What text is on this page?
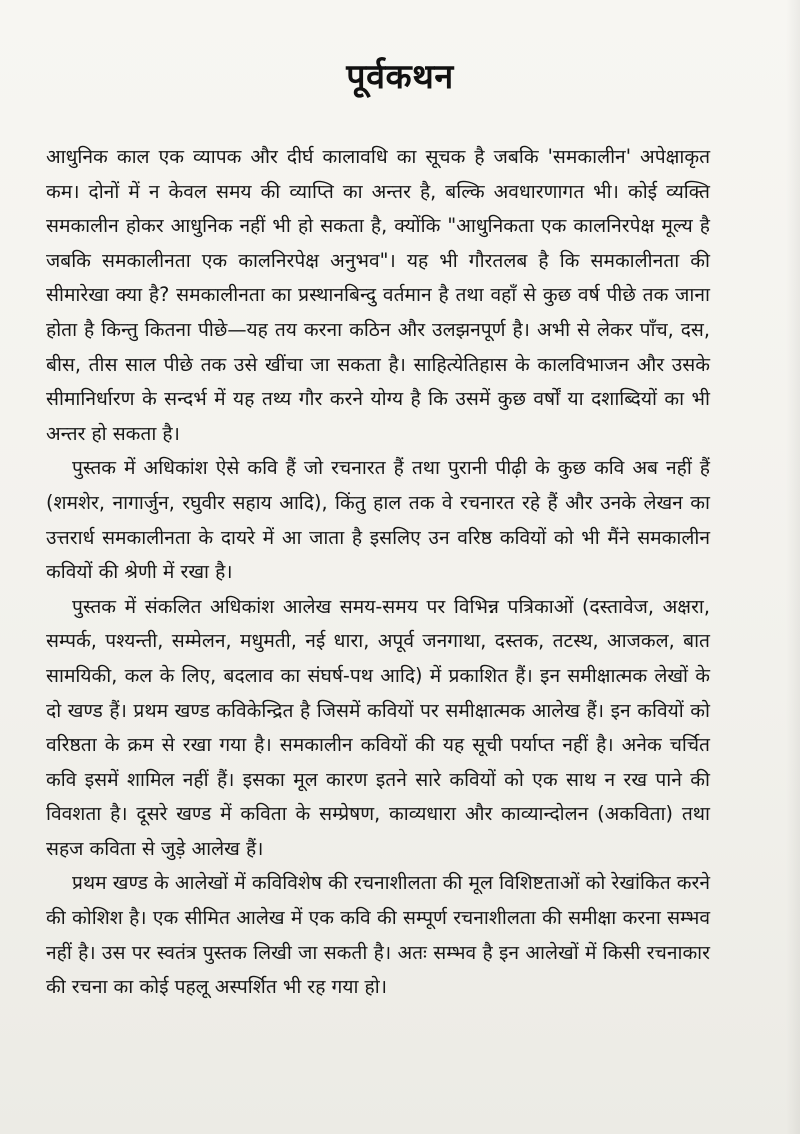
पूर्वकथन

आधुनिक काल एक व्यापक और दीर्घ कालावधि का सूचक है जबकि 'समकालीन' अपेक्षाकृत कम। दोनों में न केवल समय की व्याप्ति का अन्तर है, बल्कि अवधारणागत भी। कोई व्यक्ति समकालीन होकर आधुनिक नहीं भी हो सकता है, क्योंकि "आधुनिकता एक कालनिरपेक्ष मूल्य है जबकि समकालीनता एक कालनिरपेक्ष अनुभव"। यह भी गौरतलब है कि समकालीनता की सीमारेखा क्या है? समकालीनता का प्रस्थानबिन्दु वर्तमान है तथा वहाँ से कुछ वर्ष पीछे तक जाना होता है किन्तु कितना पीछे—यह तय करना कठिन और उलझनपूर्ण है। अभी से लेकर पाँच, दस, बीस, तीस साल पीछे तक उसे खींचा जा सकता है। साहित्येतिहास के कालविभाजन और उसके सीमानिर्धारण के सन्दर्भ में यह तथ्य गौर करने योग्य है कि उसमें कुछ वर्षों या दशाब्दियों का भी अन्तर हो सकता है।

पुस्तक में अधिकांश ऐसे कवि हैं जो रचनारत हैं तथा पुरानी पीढ़ी के कुछ कवि अब नहीं हैं (शमशेर, नागार्जुन, रघुवीर सहाय आदि), किंतु हाल तक वे रचनारत रहे हैं और उनके लेखन का उत्तरार्ध समकालीनता के दायरे में आ जाता है इसलिए उन वरिष्ठ कवियों को भी मैंने समकालीन कवियों की श्रेणी में रखा है।

पुस्तक में संकलित अधिकांश आलेख समय-समय पर विभिन्न पत्रिकाओं (दस्तावेज, अक्षरा, सम्पर्क, पश्यन्ती, सम्मेलन, मधुमती, नई धारा, अपूर्व जनगाथा, दस्तक, तटस्थ, आजकल, बात सामयिकी, कल के लिए, बदलाव का संघर्ष-पथ आदि) में प्रकाशित हैं। इन समीक्षात्मक लेखों के दो खण्ड हैं। प्रथम खण्ड कविकेन्द्रित है जिसमें कवियों पर समीक्षात्मक आलेख हैं। इन कवियों को वरिष्ठता के क्रम से रखा गया है। समकालीन कवियों की यह सूची पर्याप्त नहीं है। अनेक चर्चित कवि इसमें शामिल नहीं हैं। इसका मूल कारण इतने सारे कवियों को एक साथ न रख पाने की विवशता है। दूसरे खण्ड में कविता के सम्प्रेषण, काव्यधारा और काव्यान्दोलन (अकविता) तथा सहज कविता से जुड़े आलेख हैं।

प्रथम खण्ड के आलेखों में कविविशेष की रचनाशीलता की मूल विशिष्टताओं को रेखांकित करने की कोशिश है। एक सीमित आलेख में एक कवि की सम्पूर्ण रचनाशीलता की समीक्षा करना सम्भव नहीं है। उस पर स्वतंत्र पुस्तक लिखी जा सकती है। अतः सम्भव है इन आलेखों में किसी रचनाकार की रचना का कोई पहलू अस्पर्शित भी रह गया हो।
